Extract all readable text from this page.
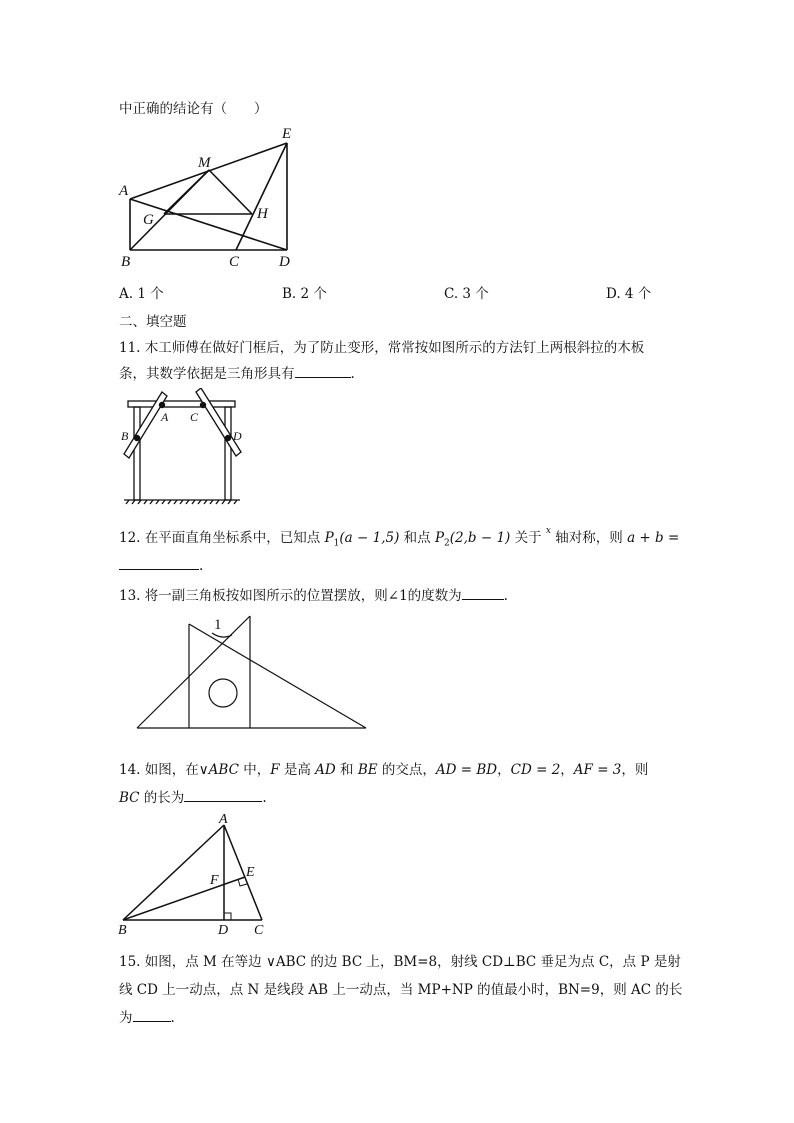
中正确的结论有（　　）
A
B	C	D
E
M
G	H
A. 1 个	B. 2 个	C. 3 个	D. 4 个
二、填空题
11. 木工师傅在做好门框后，为了防止变形，常常按如图所示的方法钉上两根斜拉的木板
条，其数学依据是三角形具有	.
A
B
C
D
12. 在平面直角坐标系中，已知点 $P_1(a - 1,5)$ 和点 $P_2(2,b - 1)$ 关于 $^x$ 轴对称，则 a + b =
.
13. 将一副三角板按如图所示的位置摆放，则∠1的度数为	.
1
14. 如图，在∨ABC 中，F 是高 AD 和 BE 的交点，AD = BD，CD = 2，AF = 3，则
BC 的长为	.
A
B	C
D
E
F
15. 如图，点 M 在等边 ∨ABC 的边 BC 上，BM=8，射线 CD⊥BC 垂足为点 C，点 P 是射
线 CD 上一动点，点 N 是线段 AB 上一动点，当 MP+NP 的值最小时，BN=9，则 AC 的长
为	.
